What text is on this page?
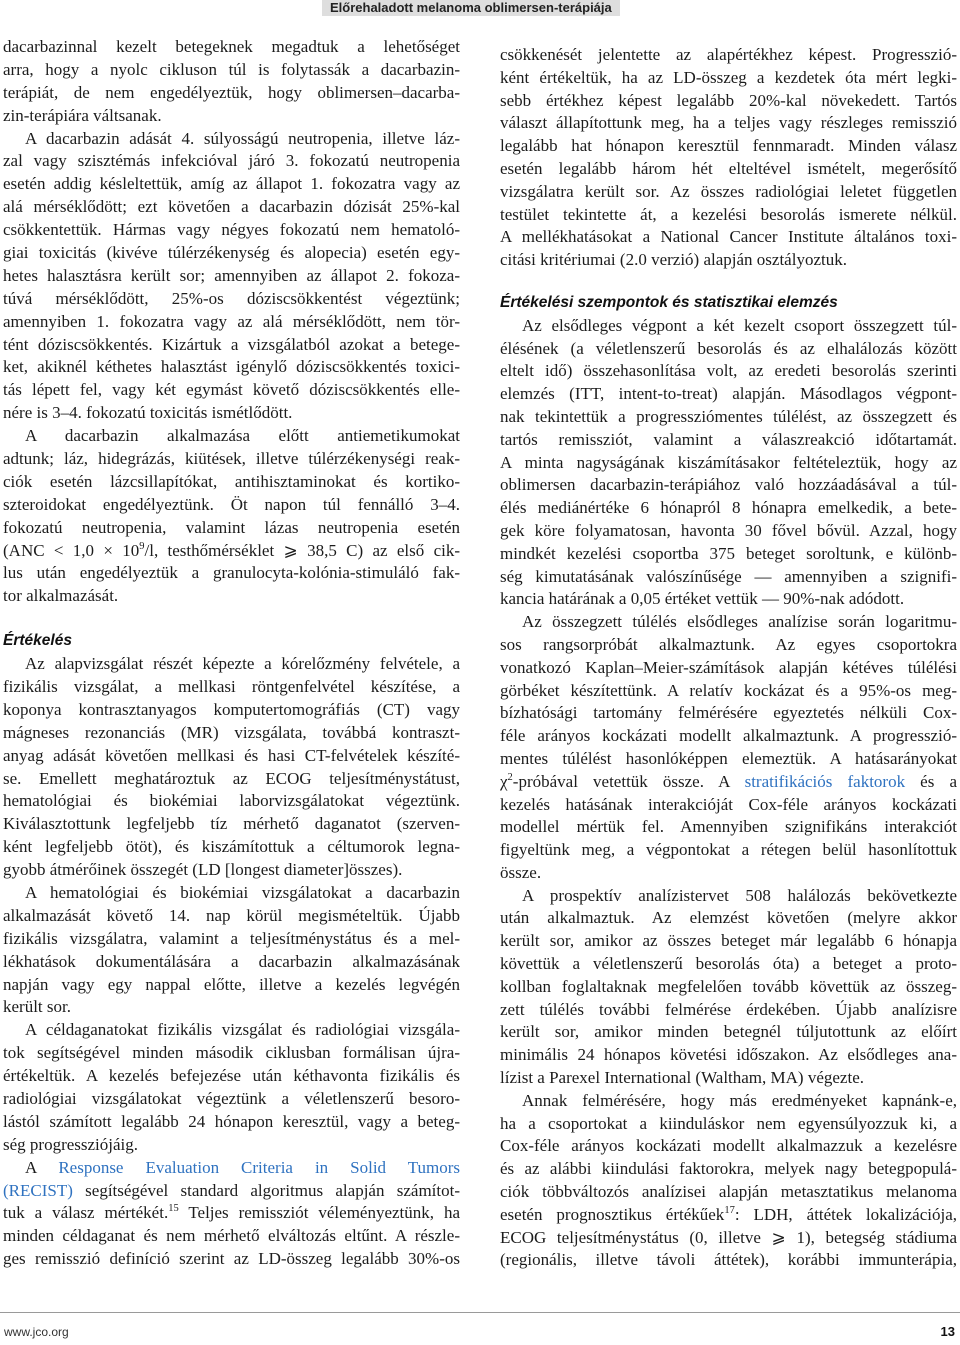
Előrehaladott melanoma oblimersen-terápiája
dacarbazinnal kezelt betegeknek megadtuk a lehetőséget
arra, hogy a nyolc cikluson túl is folytassák a dacarbazin-
terápiát, de nem engedélyeztük, hogy oblimersen–dacarba-
zin-terápiára váltsanak.
A dacarbazin adását 4. súlyosságú neutropenia, illetve láz-
zal vagy szisztémás infekcióval járó 3. fokozatú neutropenia
esetén addig késleltettük, amíg az állapot 1. fokozatra vagy az
alá mérséklődött; ezt követően a dacarbazin dózisát 25%-kal
csökkentettük. Hármas vagy négyes fokozatú nem hematoló-
giai toxicitás (kivéve túlérzékenység és alopecia) esetén egy-
hetes halasztásra került sor; amennyiben az állapot 2. fokoza-
túvá mérséklődött, 25%-os dóziscsökkentést végeztünk;
amennyiben 1. fokozatra vagy az alá mérséklődött, nem tör-
tént dóziscsökkentés. Kizártuk a vizsgálatból azokat a betege-
ket, akiknél kéthetes halasztást igénylő dóziscsökkentés toxici-
tás lépett fel, vagy két egymást követő dóziscsökkentés elle-
nére is 3–4. fokozatú toxicitás ismétlődött.
A dacarbazin alkalmazása előtt antiemetikumokat
adtunk; láz, hidegrázás, kiütések, illetve túlérzékenységi reak-
ciók esetén lázcsillapítókat, antihisztaminokat és kortiko-
szteroidokat engedélyeztünk. Öt napon túl fennálló 3–4.
fokozatú neutropenia, valamint lázas neutropenia esetén
($ANC < 1,0 \times 10^9/l$, testhőmérséklet ⩾ 38,5 C) az első cik-
lus után engedélyeztük a granulocyta-kolónia-stimuláló fak-
tor alkalmazását.
Értékelés
Az alapvizsgálat részét képezte a kórelőzmény felvétele, a
fizikális vizsgálat, a mellkasi röntgenfelvétel készítése, a
koponya kontrasztanyagos komputertomográfiás (CT) vagy
mágneses rezonanciás (MR) vizsgálata, továbbá kontraszt-
anyag adását követően mellkasi és hasi CT-felvételek készíté-
se. Emellett meghatároztuk az ECOG teljesítménystátust,
hematológiai és biokémiai laborvizsgálatokat végeztünk.
Kiválasztottunk legfeljebb tíz mérhető daganatot (szerven-
ként legfeljebb ötöt), és kiszámítottuk a céltumorok legna-
gyobb átmérőinek összegét (LD [longest diameter]összes).
A hematológiai és biokémiai vizsgálatokat a dacarbazin
alkalmazását követő 14. nap körül megismételtük. Újabb
fizikális vizsgálatra, valamint a teljesítménystátus és a mel-
lékhatások dokumentálására a dacarbazin alkalmazásának
napján vagy egy nappal előtte, illetve a kezelés legvégén
került sor.
A céldaganatokat fizikális vizsgálat és radiológiai vizsgála-
tok segítségével minden második ciklusban formálisan újra-
értékeltük. A kezelés befejezése után kéthavonta fizikális és
radiológiai vizsgálatokat végeztünk a véletlenszerű besoro-
lástól számított legalább 24 hónapon keresztül, vagy a beteg-
ség progressziójáig.
A Response Evaluation Criteria in Solid Tumors
(RECIST) segítségével standard algoritmus alapján számítot-
tuk a válasz mértékét.$^{15}$ Teljes remissziót véleményeztünk, ha
minden céldaganat és nem mérhető elváltozás eltűnt. A részle-
ges remisszió definíció szerint az LD-összeg legalább 30%-os
csökkenését jelentette az alapértékhez képest. Progresszió-
ként értékeltük, ha az LD-összeg a kezdetek óta mért legki-
sebb értékhez képest legalább 20%-kal növekedett. Tartós
választ állapítottunk meg, ha a teljes vagy részleges remisszió
legalább hat hónapon keresztül fennmaradt. Minden válasz
esetén legalább három hét elteltével ismételt, megerősítő
vizsgálatra került sor. Az összes radiológiai leletet független
testület tekintette át, a kezelési besorolás ismerete nélkül.
A mellékhatásokat a National Cancer Institute általános toxi-
citási kritériumai (2.0 verzió) alapján osztályoztuk.
Értékelési szempontok és statisztikai elemzés
Az elsődleges végpont a két kezelt csoport összegzett túl-
élésének (a véletlenszerű besorolás és az elhalálozás között
eltelt idő) összehasonlítása volt, az eredeti besorolás szerinti
elemzés (ITT, intent-to-treat) alapján. Másodlagos végpont-
nak tekintettük a progressziómentes túlélést, az összegzett és
tartós remissziót, valamint a válaszreakció időtartamát.
A minta nagyságának kiszámításakor feltételeztük, hogy az
oblimersen dacarbazin-terápiához való hozzáadásával a túl-
élés mediánértéke 6 hónapról 8 hónapra emelkedik, a bete-
gek köre folyamatosan, havonta 30 fővel bővül. Azzal, hogy
mindkét kezelési csoportba 375 beteget soroltunk, e különb-
ség kimutatásának valószínűsége — amennyiben a szignifi-
kancia határának a 0,05 értéket vettük — 90%-nak adódott.
Az összegzett túlélés elsődleges analízise során logaritmu-
sos rangsorpróbát alkalmaztunk. Az egyes csoportokra
vonatkozó Kaplan–Meier-számítások alapján kétéves túlélési
görbéket készítettünk. A relatív kockázat és a 95%-os meg-
bízhatósági tartomány felmérésére egyeztetés nélküli Cox-
féle arányos kockázati modellt alkalmaztunk. A progresszió-
mentes túlélést hasonlóképpen elemeztük. A hatásarányokat
$\chi^2$-próbával vetettük össze. A stratifikációs faktorok és a
kezelés hatásának interakcióját Cox-féle arányos kockázati
modellel mértük fel. Amennyiben szignifikáns interakciót
figyeltünk meg, a végpontokat a rétegen belül hasonlítottuk
össze.
A prospektív analízistervet 508 halálozás bekövetkezte
után alkalmaztuk. Az elemzést követően (melyre akkor
került sor, amikor az összes beteget már legalább 6 hónapja
követtük a véletlenszerű besorolás óta) a beteget a proto-
kollban foglaltaknak megfelelően tovább követtük az összeg-
zett túlélés további felmérése érdekében. Újabb analízisre
került sor, amikor minden betegnél túljutottunk az előírt
minimális 24 hónapos követési időszakon. Az elsődleges ana-
lízist a Parexel International (Waltham, MA) végezte.
Annak felmérésére, hogy más eredményeket kapnánk-e,
ha a csoportokat a kiinduláskor nem egyensúlyozzuk ki, a
Cox-féle arányos kockázati modellt alkalmazzuk a kezelésre
és az alábbi kiindulási faktorokra, melyek nagy betegpopulá-
ciók többváltozós analízisei alapján metasztatikus melanoma
esetén prognosztikus értékűek$^{17}$: LDH, áttétek lokalizációja,
ECOG teljesítménystátus (0, illetve ⩾ 1), betegség stádiuma
(regionális, illetve távoli áttétek), korábbi immunterápia,
www.jco.org	13
